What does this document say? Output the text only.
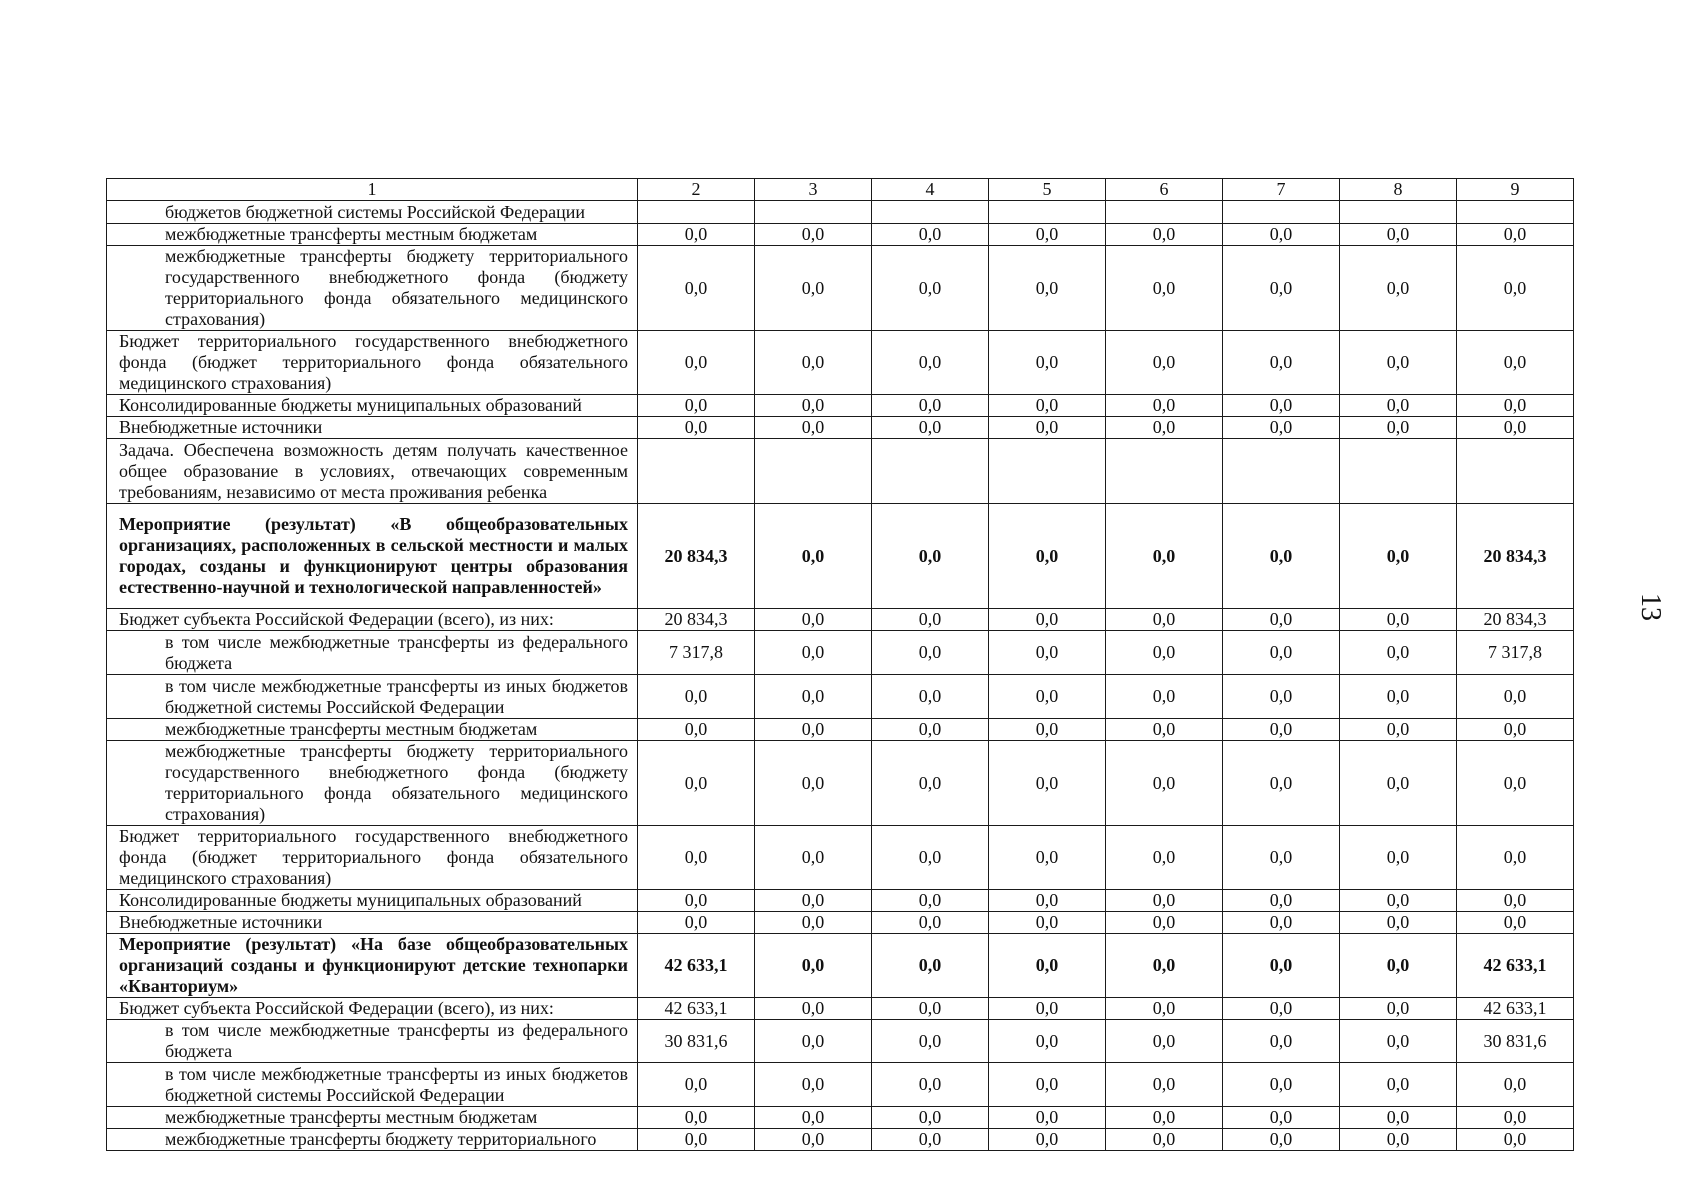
1	2	3	4	5	6	7	8	9
бюджетов бюджетной системы Российской Федерации								
межбюджетные трансферты местным бюджетам	0,0	0,0	0,0	0,0	0,0	0,0	0,0	0,0
межбюджетные трансферты бюджету территориального государственного внебюджетного фонда (бюджету территориального фонда обязательного медицинского страхования)	0,0	0,0	0,0	0,0	0,0	0,0	0,0	0,0
Бюджет территориального государственного внебюджетного фонда (бюджет территориального фонда обязательного медицинского страхования)	0,0	0,0	0,0	0,0	0,0	0,0	0,0	0,0
Консолидированные бюджеты муниципальных образований	0,0	0,0	0,0	0,0	0,0	0,0	0,0	0,0
Внебюджетные источники	0,0	0,0	0,0	0,0	0,0	0,0	0,0	0,0
Задача. Обеспечена возможность детям получать качественное общее образование в условиях, отвечающих современным требованиям, независимо от места проживания ребенка								
Мероприятие (результат) «В общеобразовательных организациях, расположенных в сельской местности и малых городах, созданы и функционируют центры образования естественно-научной и технологической направленностей»	20 834,3	0,0	0,0	0,0	0,0	0,0	0,0	20 834,3
Бюджет субъекта Российской Федерации (всего), из них:	20 834,3	0,0	0,0	0,0	0,0	0,0	0,0	20 834,3
в том числе межбюджетные трансферты из федерального бюджета	7 317,8	0,0	0,0	0,0	0,0	0,0	0,0	7 317,8
в том числе межбюджетные трансферты из иных бюджетов бюджетной системы Российской Федерации	0,0	0,0	0,0	0,0	0,0	0,0	0,0	0,0
межбюджетные трансферты местным бюджетам	0,0	0,0	0,0	0,0	0,0	0,0	0,0	0,0
межбюджетные трансферты бюджету территориального государственного внебюджетного фонда (бюджету территориального фонда обязательного медицинского страхования)	0,0	0,0	0,0	0,0	0,0	0,0	0,0	0,0
Бюджет территориального государственного внебюджетного фонда (бюджет территориального фонда обязательного медицинского страхования)	0,0	0,0	0,0	0,0	0,0	0,0	0,0	0,0
Консолидированные бюджеты муниципальных образований	0,0	0,0	0,0	0,0	0,0	0,0	0,0	0,0
Внебюджетные источники	0,0	0,0	0,0	0,0	0,0	0,0	0,0	0,0
Мероприятие (результат) «На базе общеобразовательных организаций созданы и функционируют детские технопарки «Кванториум»	42 633,1	0,0	0,0	0,0	0,0	0,0	0,0	42 633,1
Бюджет субъекта Российской Федерации (всего), из них:	42 633,1	0,0	0,0	0,0	0,0	0,0	0,0	42 633,1
в том числе межбюджетные трансферты из федерального бюджета	30 831,6	0,0	0,0	0,0	0,0	0,0	0,0	30 831,6
в том числе межбюджетные трансферты из иных бюджетов бюджетной системы Российской Федерации	0,0	0,0	0,0	0,0	0,0	0,0	0,0	0,0
межбюджетные трансферты местным бюджетам	0,0	0,0	0,0	0,0	0,0	0,0	0,0	0,0
межбюджетные трансферты бюджету территориального	0,0	0,0	0,0	0,0	0,0	0,0	0,0	0,0
13
